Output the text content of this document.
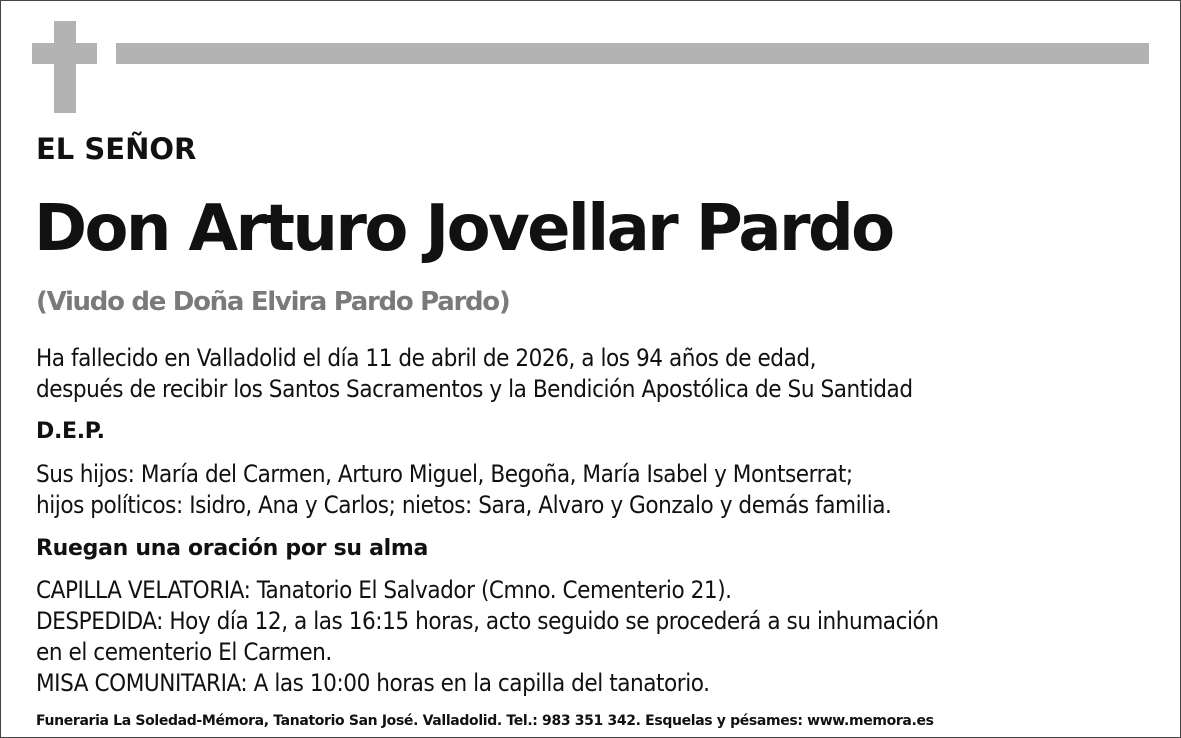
EL SEÑOR
Don Arturo Jovellar Pardo
(Viudo de Doña Elvira Pardo Pardo)
Ha fallecido en Valladolid el día 11 de abril de 2026, a los 94 años de edad,
después de recibir los Santos Sacramentos y la Bendición Apostólica de Su Santidad
D.E.P.
Sus hijos: María del Carmen, Arturo Miguel, Begoña, María Isabel y Montserrat;
hijos políticos: Isidro, Ana y Carlos; nietos: Sara, Alvaro y Gonzalo y demás familia.
Ruegan una oración por su alma
CAPILLA VELATORIA: Tanatorio El Salvador (Cmno. Cementerio 21).
DESPEDIDA: Hoy día 12, a las 16:15 horas, acto seguido se procederá a su inhumación
en el cementerio El Carmen.
MISA COMUNITARIA: A las 10:00 horas en la capilla del tanatorio.
Funeraria La Soledad-Mémora, Tanatorio San José. Valladolid. Tel.: 983 351 342. Esquelas y pésames: www.memora.es
